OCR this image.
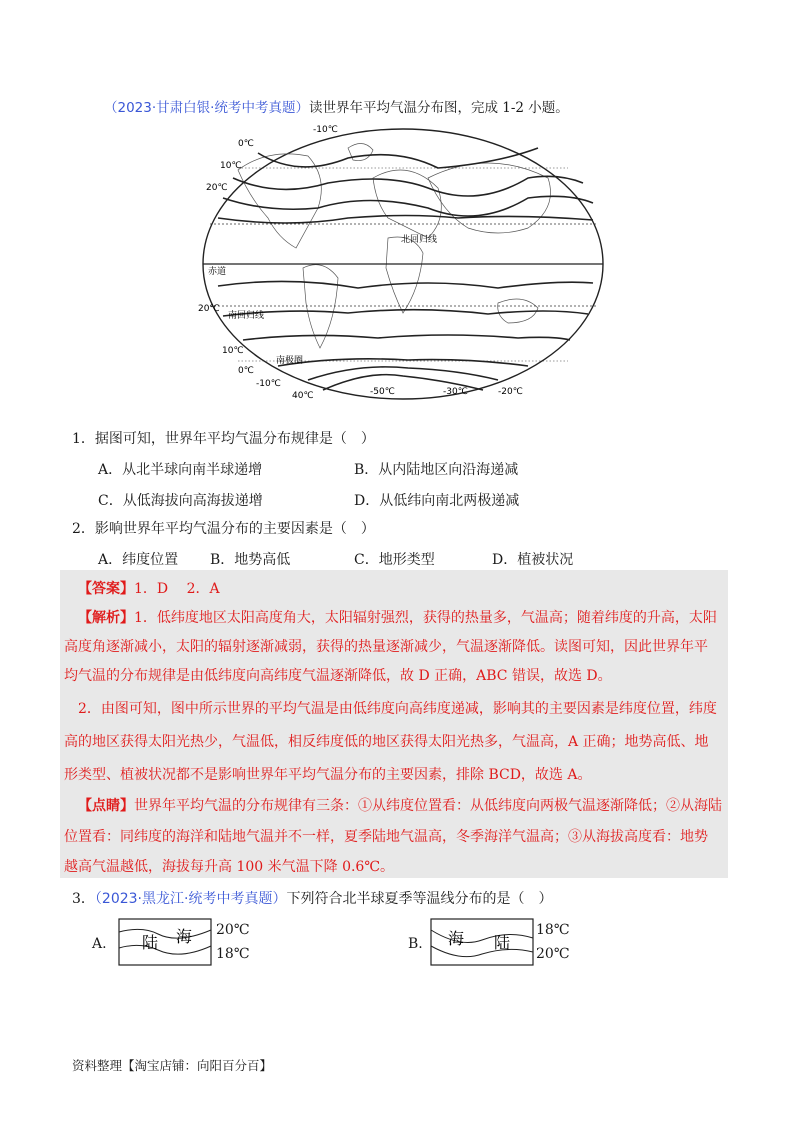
（2023·甘肃白银·统考中考真题）读世界年平均气温分布图，完成 1-2 小题。
-10℃
0℃
10℃
20℃
北回归线
赤道
20℃
南回归线
10℃
南极圈
0℃
-10℃
40℃	-50℃	-30℃	-20℃
1．据图可知，世界年平均气温分布规律是（　）
A．从北半球向南半球递增	B．从内陆地区向沿海递减
C．从低海拔向高海拔递增	D．从低纬向南北两极递减
2．影响世界年平均气温分布的主要因素是（　）
A．纬度位置 B．地势高低	C．地形类型	D．植被状况
【答案】1．D　 2．A
【解析】1．低纬度地区太阳高度角大，太阳辐射强烈，获得的热量多，气温高；随着纬度的升高，太阳
高度角逐渐减小，太阳的辐射逐渐减弱，获得的热量逐渐减少，气温逐渐降低。读图可知，因此世界年平
均气温的分布规律是由低纬度向高纬度气温逐渐降低，故 D 正确，ABC 错误，故选 D。
2．由图可知，图中所示世界的平均气温是由低纬度向高纬度递减，影响其的主要因素是纬度位置，纬度
高的地区获得太阳光热少，气温低，相反纬度低的地区获得太阳光热多，气温高，A 正确；地势高低、地
形类型、植被状况都不是影响世界年平均气温分布的主要因素，排除 BCD，故选 A。
【点睛】世界年平均气温的分布规律有三条：①从纬度位置看：从低纬度向两极气温逐渐降低；②从海陆
位置看：同纬度的海洋和陆地气温并不一样，夏季陆地气温高，冬季海洋气温高；③从海拔高度看：地势
越高气温越低，海拔每升高 100 米气温下降 0.6℃。
3．（2023·黑龙江·统考中考真题）下列符合北半球夏季等温线分布的是（　）
A. 陆 海 20℃
18℃
B. 海 陆
18℃
20℃
资料整理【淘宝店铺：向阳百分百】
